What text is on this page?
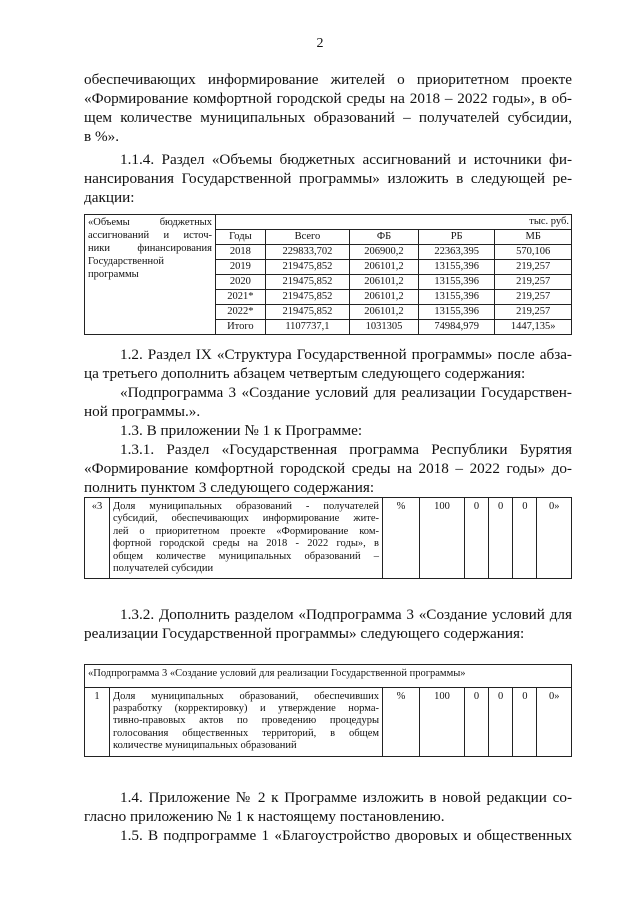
2
обеспечивающих информирование жителей о приоритетном проекте
«Формирование комфортной городской среды на 2018 – 2022 годы», в об-
щем количестве муниципальных образований – получателей субсидии,
в %».
1.1.4. Раздел «Объемы бюджетных ассигнований и источники фи-
нансирования Государственной программы» изложить в следующей ре-
дакции:
«Объемы бюджетных
ассигнований и источ-
ники финансирования
Государственной
программы	тыс. руб.				
	Годы	Всего	ФБ	РБ	МБ
	2018	229833,702	206900,2	22363,395	570,106
	2019	219475,852	206101,2	13155,396	219,257
	2020	219475,852	206101,2	13155,396	219,257
	2021*	219475,852	206101,2	13155,396	219,257
	2022*	219475,852	206101,2	13155,396	219,257
	Итого	1107737,1	1031305	74984,979	1447,135»
1.2. Раздел IX «Структура Государственной программы» после абза-
ца третьего дополнить абзацем четвертым следующего содержания:
«Подпрограмма 3 «Создание условий для реализации Государствен-
ной программы.».
1.3. В приложении № 1 к Программе:
1.3.1. Раздел «Государственная программа Республики Бурятия
«Формирование комфортной городской среды на 2018 – 2022 годы» до-
полнить пунктом 3 следующего содержания:
«3	Доля муниципальных образований - получателей
субсидий, обеспечивающих информирование жите-
лей о приоритетном проекте «Формирование ком-
фортной городской среды на 2018 - 2022 годы», в
общем количестве муниципальных образований –
получателей субсидии
	%	100	0	0	0	0»
1.3.2. Дополнить разделом «Подпрограмма 3 «Создание условий для
реализации Государственной программы» следующего содержания:
«Подпрограмма 3 «Создание условий для реализации Государственной программы»
1	Доля муниципальных образований, обеспечивших
разработку (корректировку) и утверждение норма-
тивно-правовых актов по проведению процедуры
голосования общественных территорий, в общем
количестве муниципальных образований
	%	100	0	0	0	0»
1.4. Приложение № 2 к Программе изложить в новой редакции со-
гласно приложению № 1 к настоящему постановлению.
1.5. В подпрограмме 1 «Благоустройство дворовых и общественных
